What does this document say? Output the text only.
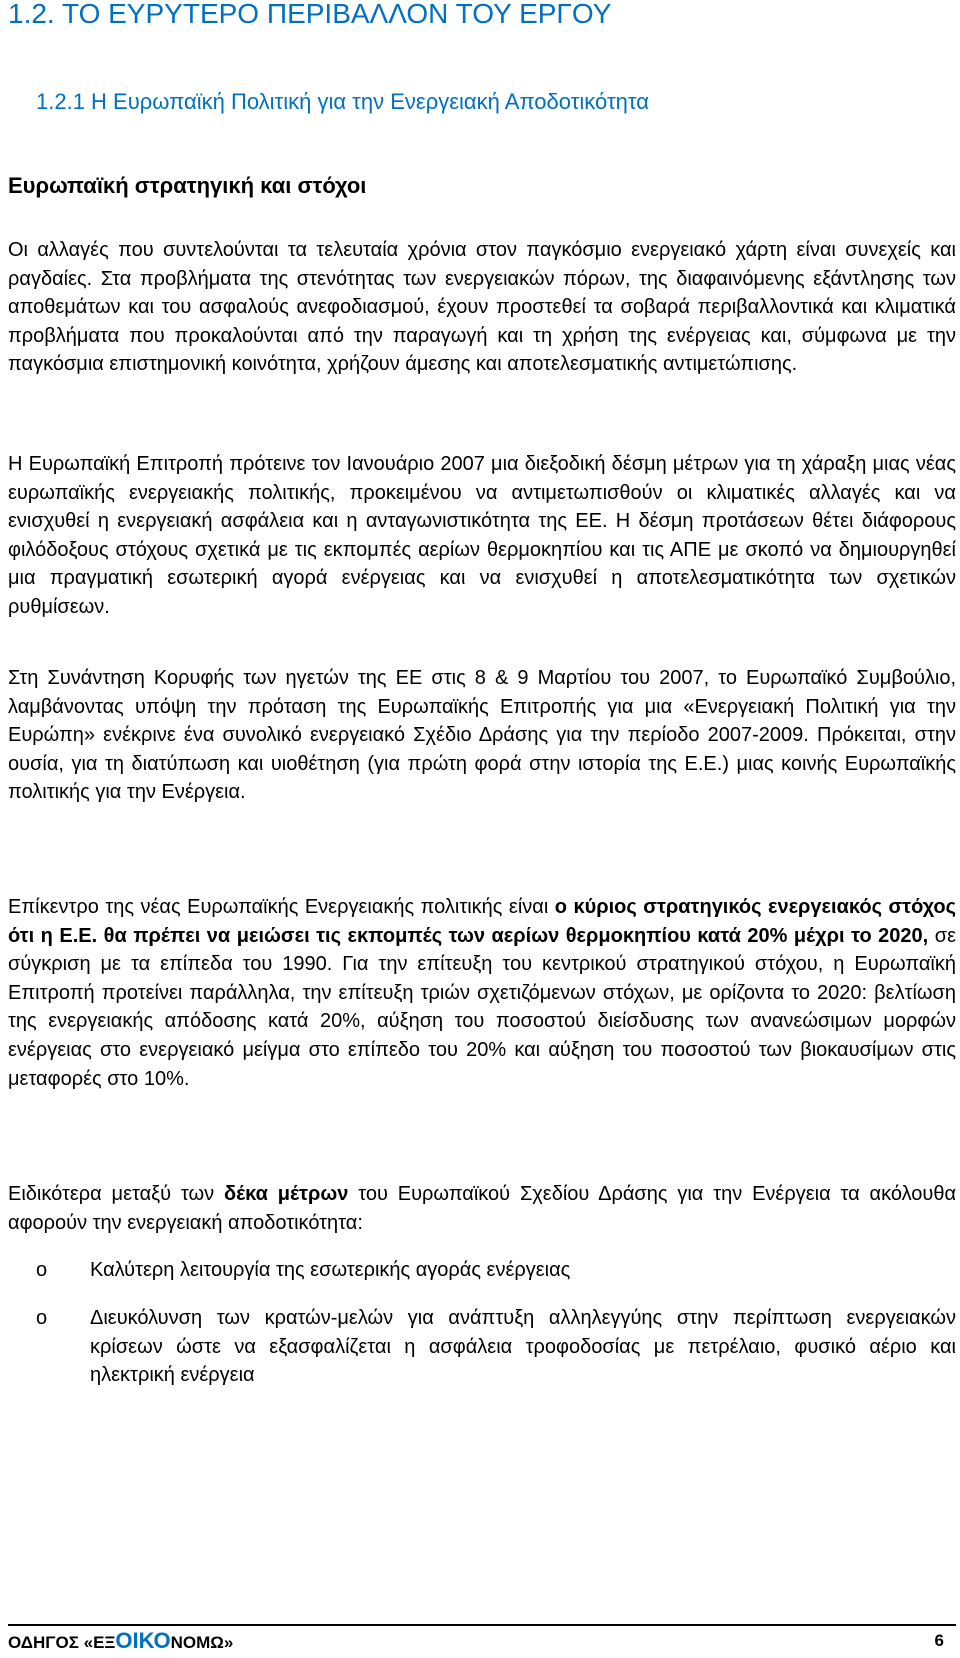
1.2. ΤΟ ΕΥΡΥΤΕΡΟ ΠΕΡΙΒΑΛΛΟΝ ΤΟΥ ΕΡΓΟΥ
1.2.1 Η Ευρωπαϊκή Πολιτική για την Ενεργειακή Αποδοτικότητα
Ευρωπαϊκή στρατηγική και στόχοι

Οι αλλαγές που συντελούνται τα τελευταία χρόνια στον παγκόσμιο ενεργειακό χάρτη είναι συνεχείς και ραγδαίες. Στα προβλήματα της στενότητας των ενεργειακών πόρων, της διαφαινόμενης εξάντλησης των αποθεμάτων και του ασφαλούς ανεφοδιασμού, έχουν προστεθεί τα σοβαρά περιβαλλοντικά και κλιματικά προβλήματα που προκαλούνται από την παραγωγή και τη χρήση της ενέργειας και, σύμφωνα με την παγκόσμια επιστημονική κοινότητα, χρήζουν άμεσης και αποτελεσματικής αντιμετώπισης.

Η Ευρωπαϊκή Επιτροπή πρότεινε τον Ιανουάριο 2007 μια διεξοδική δέσμη μέτρων για τη χάραξη μιας νέας ευρωπαϊκής ενεργειακής πολιτικής, προκειμένου να αντιμετωπισθούν οι κλιματικές αλλαγές και να ενισχυθεί η ενεργειακή ασφάλεια και η ανταγωνιστικότητα της ΕΕ. Η δέσμη προτάσεων θέτει διάφορους φιλόδοξους στόχους σχετικά με τις εκπομπές αερίων θερμοκηπίου και τις ΑΠΕ με σκοπό να δημιουργηθεί μια πραγματική εσωτερική αγορά ενέργειας και να ενισχυθεί η αποτελεσματικότητα των σχετικών ρυθμίσεων.

Στη Συνάντηση Κορυφής των ηγετών της ΕΕ στις 8 & 9 Μαρτίου του 2007, το Ευρωπαϊκό Συμβούλιο, λαμβάνοντας υπόψη την πρόταση της Ευρωπαϊκής Επιτροπής για μια «Ενεργειακή Πολιτική για την Ευρώπη» ενέκρινε ένα συνολικό ενεργειακό Σχέδιο Δράσης για την περίοδο 2007-2009. Πρόκειται, στην ουσία, για τη διατύπωση και υιοθέτηση (για πρώτη φορά στην ιστορία της Ε.Ε.) μιας κοινής Ευρωπαϊκής πολιτικής για την Ενέργεια.

Επίκεντρο της νέας Ευρωπαϊκής Ενεργειακής πολιτικής είναι ο κύριος στρατηγικός ενεργειακός στόχος ότι η Ε.Ε. θα πρέπει να μειώσει τις εκπομπές των αερίων θερμοκηπίου κατά 20% μέχρι το 2020, σε σύγκριση με τα επίπεδα του 1990. Για την επίτευξη του κεντρικού στρατηγικού στόχου, η Ευρωπαϊκή Επιτροπή προτείνει παράλληλα, την επίτευξη τριών σχετιζόμενων στόχων, με ορίζοντα το 2020: βελτίωση της ενεργειακής απόδοσης κατά 20%, αύξηση του ποσοστού διείσδυσης των ανανεώσιμων μορφών ενέργειας στο ενεργειακό μείγμα στο επίπεδο του 20% και αύξηση του ποσοστού των βιοκαυσίμων στις μεταφορές στο 10%.

Ειδικότερα μεταξύ των δέκα μέτρων του Ευρωπαϊκού Σχεδίου Δράσης για την Ενέργεια τα ακόλουθα αφορούν την ενεργειακή αποδοτικότητα:

o Καλύτερη λειτουργία της εσωτερικής αγοράς ενέργειας
o Διευκόλυνση των κρατών-μελών για ανάπτυξη αλληλεγγύης στην περίπτωση ενεργειακών κρίσεων ώστε να εξασφαλίζεται η ασφάλεια τροφοδοσίας με πετρέλαιο, φυσικό αέριο και ηλεκτρική ενέργεια
ΟΔΗΓΟΣ «ΕΞΟΙΚΟΝΟΜΩ»	6
